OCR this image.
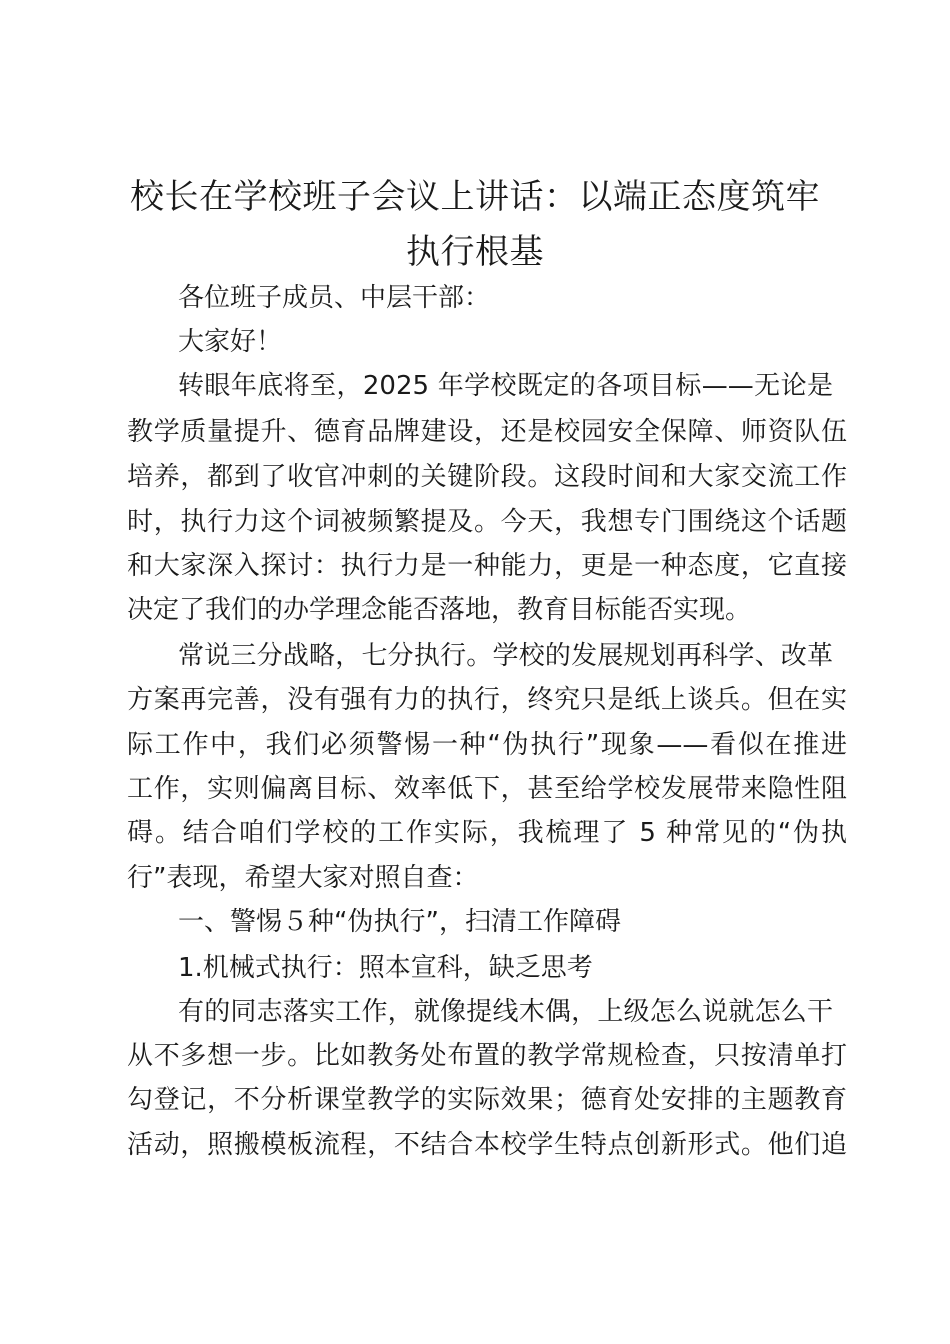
校长在学校班子会议上讲话：以端正态度筑牢
执行根基
各位班子成员、中层干部：
大家好！
转眼年底将至，2025 年学校既定的各项目标——无论是
教学质量提升、德育品牌建设，还是校园安全保障、师资队伍
培养，都到了收官冲刺的关键阶段。这段时间和大家交流工作
时，执行力这个词被频繁提及。今天，我想专门围绕这个话题
和大家深入探讨：执行力是一种能力，更是一种态度，它直接
决定了我们的办学理念能否落地，教育目标能否实现。
常说三分战略，七分执行。学校的发展规划再科学、改革
方案再完善，没有强有力的执行，终究只是纸上谈兵。但在实
际工作中，我们必须警惕一种“伪执行”现象——看似在推进
工作，实则偏离目标、效率低下，甚至给学校发展带来隐性阻
碍。结合咱们学校的工作实际，我梳理了 5 种常见的“伪执
行”表现，希望大家对照自查：
一、警惕５种“伪执行”，扫清工作障碍
1.机械式执行：照本宣科，缺乏思考
有的同志落实工作，就像提线木偶，上级怎么说就怎么干
从不多想一步。比如教务处布置的教学常规检查，只按清单打
勾登记，不分析课堂教学的实际效果；德育处安排的主题教育
活动，照搬模板流程，不结合本校学生特点创新形式。他们追
